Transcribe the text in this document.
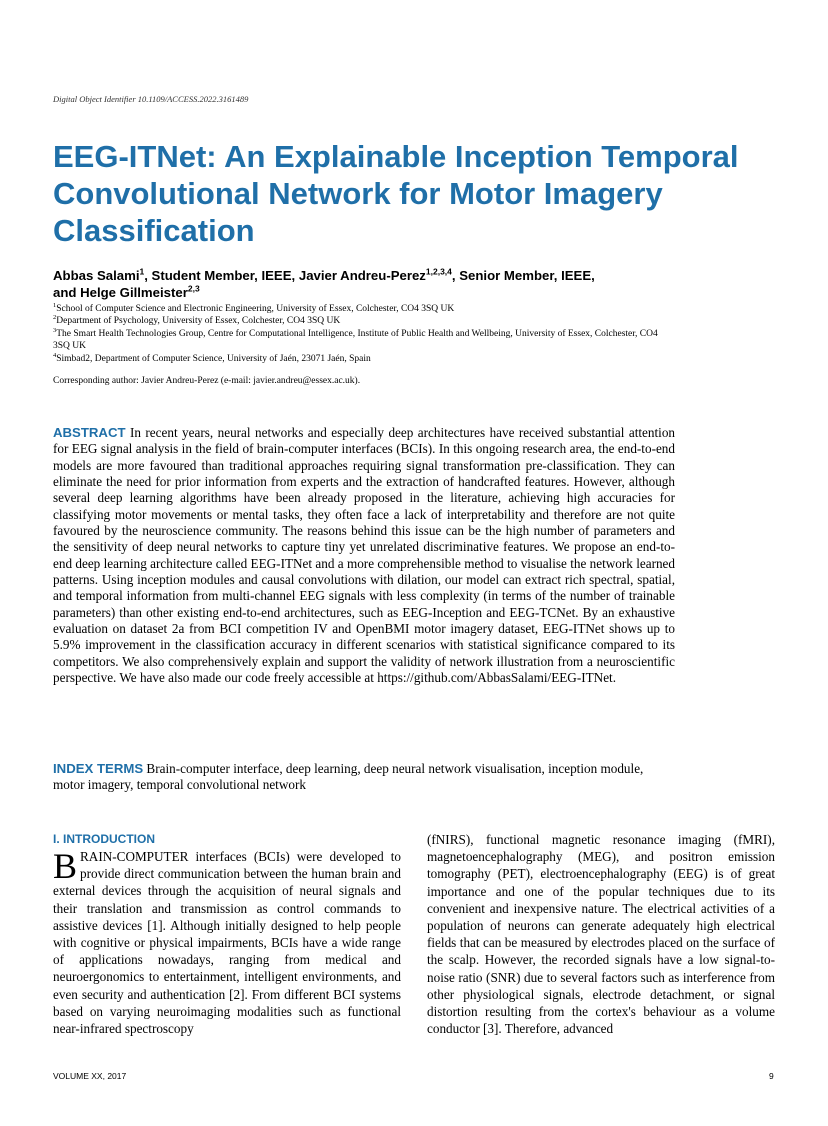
Digital Object Identifier 10.1109/ACCESS.2022.3161489
EEG-ITNet: An Explainable Inception Temporal Convolutional Network for Motor Imagery Classification
Abbas Salami$^1$, Student Member, IEEE, Javier Andreu-Perez$^{1,2,3,4}$, Senior Member, IEEE,
and Helge Gillmeister$^{2,3}$

$^1$School of Computer Science and Electronic Engineering, University of Essex, Colchester, CO4 3SQ UK

$^2$Department of Psychology, University of Essex, Colchester, CO4 3SQ UK

$^3$The Smart Health Technologies Group, Centre for Computational Intelligence, Institute of Public Health and Wellbeing, University of Essex, Colchester, CO4 3SQ UK

$^4$Simbad2, Department of Computer Science, University of Jaén, 23071 Jaén, Spain

Corresponding author: Javier Andreu-Perez (e-mail: javier.andreu@essex.ac.uk).

ABSTRACT In recent years, neural networks and especially deep architectures have received substantial attention for EEG signal analysis in the field of brain-computer interfaces (BCIs). In this ongoing research area, the end-to-end models are more favoured than traditional approaches requiring signal transformation pre-classification. They can eliminate the need for prior information from experts and the extraction of handcrafted features. However, although several deep learning algorithms have been already proposed in the literature, achieving high accuracies for classifying motor movements or mental tasks, they often face a lack of interpretability and therefore are not quite favoured by the neuroscience community. The reasons behind this issue can be the high number of parameters and the sensitivity of deep neural networks to capture tiny yet unrelated discriminative features. We propose an end-to-end deep learning architecture called EEG-ITNet and a more comprehensible method to visualise the network learned patterns. Using inception modules and causal convolutions with dilation, our model can extract rich spectral, spatial, and temporal information from multi-channel EEG signals with less complexity (in terms of the number of trainable parameters) than other existing end-to-end architectures, such as EEG-Inception and EEG-TCNet. By an exhaustive evaluation on dataset 2a from BCI competition IV and OpenBMI motor imagery dataset, EEG-ITNet shows up to 5.9% improvement in the classification accuracy in different scenarios with statistical significance compared to its competitors. We also comprehensively explain and support the validity of network illustration from a neuroscientific perspective. We have also made our code freely accessible at https://github.com/AbbasSalami/EEG-ITNet.

INDEX TERMS Brain-computer interface, deep learning, deep neural network visualisation, inception module, motor imagery, temporal convolutional network

I. INTRODUCTION

BRAIN-COMPUTER interfaces (BCIs) were developed to provide direct communication between the human brain and external devices through the acquisition of neural signals and their translation and transmission as control commands to assistive devices [1]. Although initially designed to help people with cognitive or physical impairments, BCIs have a wide range of applications nowadays, ranging from medical and neuroergonomics to entertainment, intelligent environments, and even security and authentication [2]. From different BCI systems based on varying neuroimaging modalities such as functional near-infrared spectroscopy

(fNIRS), functional magnetic resonance imaging (fMRI), magnetoencephalography (MEG), and positron emission tomography (PET), electroencephalography (EEG) is of great importance and one of the popular techniques due to its convenient and inexpensive nature. The electrical activities of a population of neurons can generate adequately high electrical fields that can be measured by electrodes placed on the surface of the scalp. However, the recorded signals have a low signal-to-noise ratio (SNR) due to several factors such as interference from other physiological signals, electrode detachment, or signal distortion resulting from the cortex's behaviour as a volume conductor [3]. Therefore, advanced

VOLUME XX, 2017	9
